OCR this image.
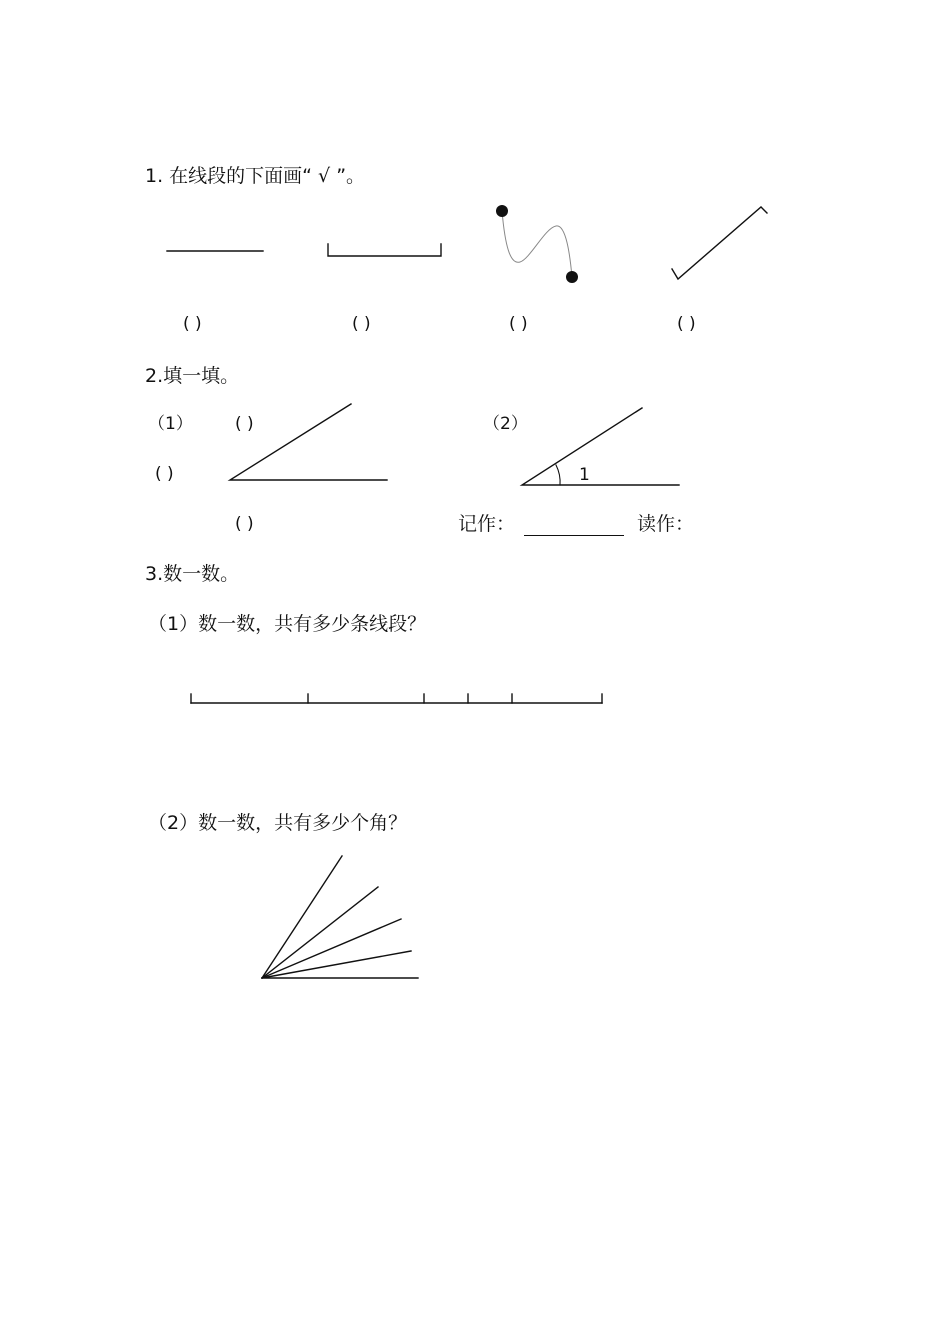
1. 在线段的下面画“ √ ”。
( )	( )	( )	( )
2.填一填。
（1） ( )
( )
( )
（2）
1
记作：	读作：
3.数一数。
（1）数一数，共有多少条线段？
（2）数一数，共有多少个角？
